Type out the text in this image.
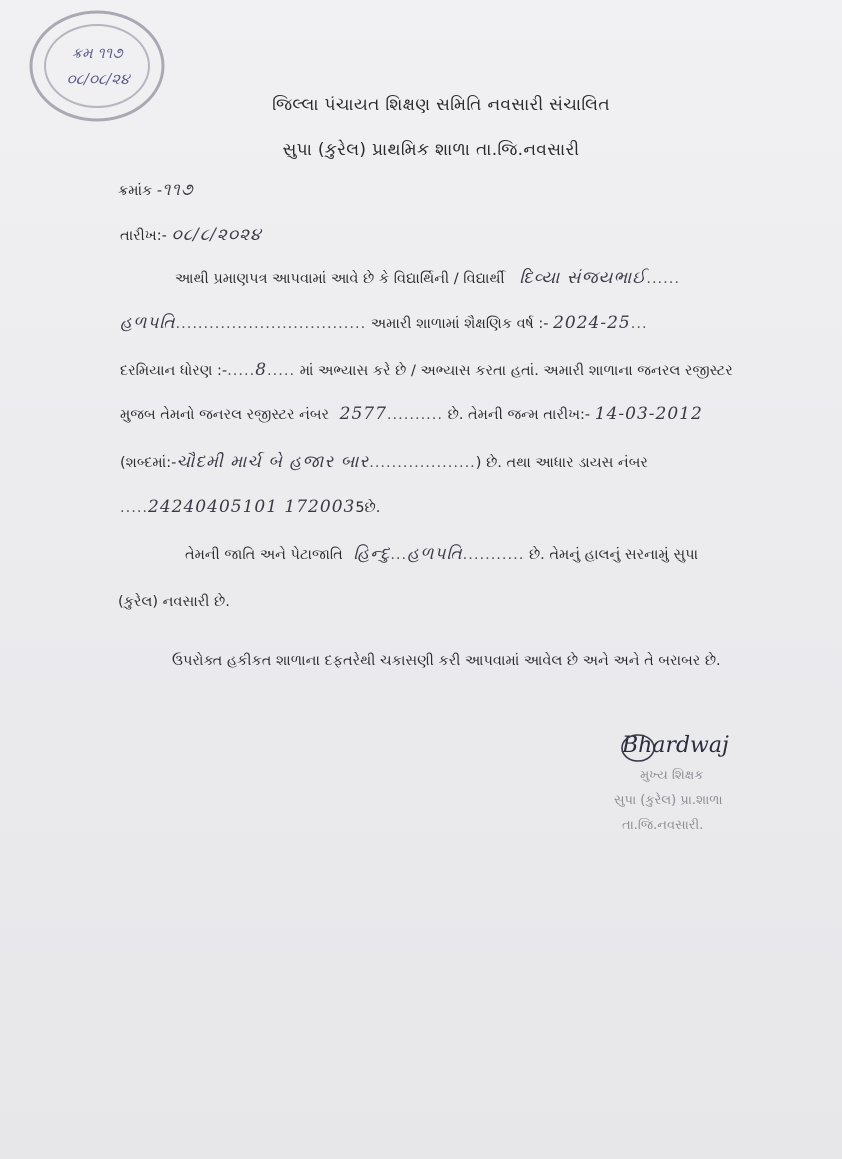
ક્રમ ૧૧૭
૦૮/૦૮/૨૪
જિલ્લા પંચાયત શિક્ષણ સમિતિ નવસારી સંચાલિત
સુપા (કુરેલ) પ્રાથમિક શાળા તા.જિ.નવસારી
ક્રમાંક -૧૧૭
તારીખ:- ૦૮/૮/૨૦૨૪
આથી પ્રમાણપત્ર આપવામાં આવે છે કે વિદ્યાર્થિની / વિદ્યાર્થી દિવ્યા સંજયભાઈ......
હળપતિ.................................. અમારી શાળામાં શૈક્ષણિક વર્ષ :- 2024-25...
દરમિયાન ધોરણ :-.....8..... માં અભ્યાસ કરે છે / અભ્યાસ કરતા હતાં. અમારી શાળાના જનરલ રજીસ્ટર
મુજબ તેમનો જનરલ રજીસ્ટર નંબર 2577.......... છે. તેમની જન્મ તારીખ:- 14-03-2012
(શબ્દમાં:-ચૌદમી માર્ચ બે હજાર બાર...................) છે. તથા આધાર ડાયસ નંબર
.....24240405101 1720035છે.
તેમની જાતિ અને પેટાજાતિ હિન્દુ...હળપતિ........... છે. તેમનું હાલનું સરનામું સુપા
(કુરેલ) નવસારી છે.
ઉપરોક્ત હકીકત શાળાના દફતરેથી ચકાસણી કરી આપવામાં આવેલ છે અને અને તે બરાબર છે.
Bhardwaj
મુખ્ય શિક્ષક
સુપા (કુરેલ) પ્રા.શાળા
તા.જિ.નવસારી.
